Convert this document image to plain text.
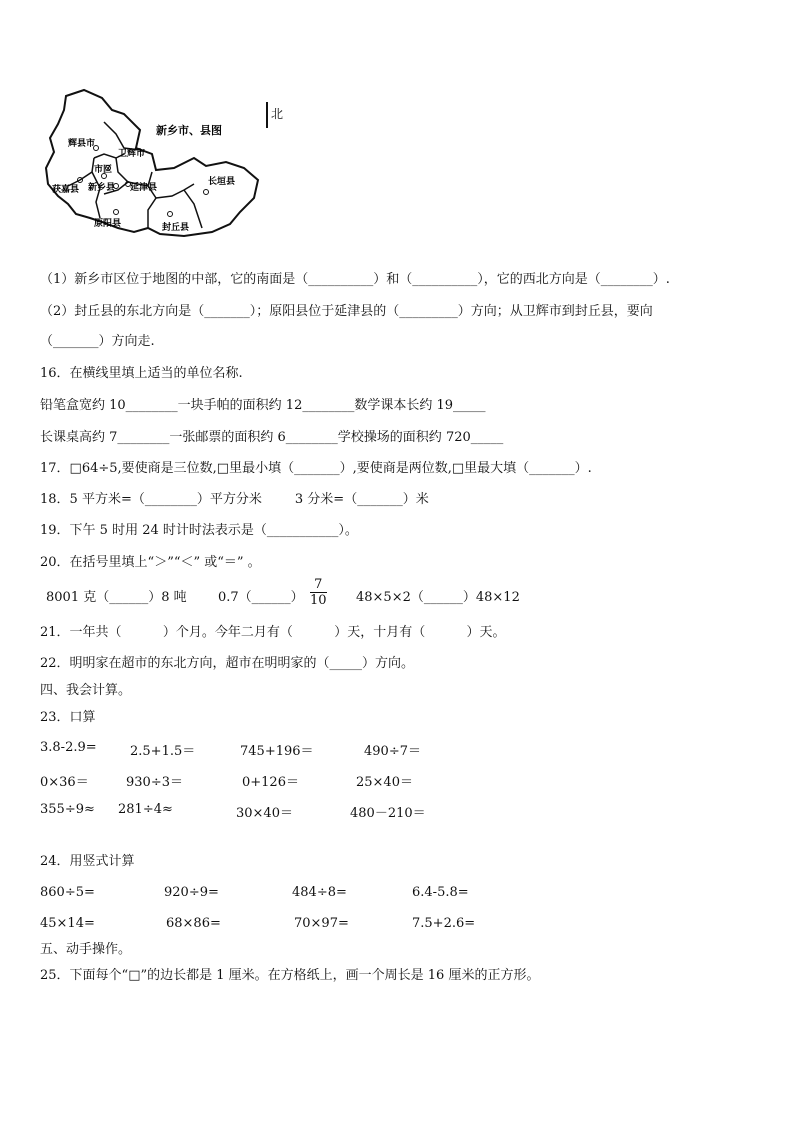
新乡市、县图
辉县市
卫辉市
市区
获嘉县 新乡县 延津县
长垣县
原阳县	封丘县
北
（1）新乡市区位于地图的中部，它的南面是（__________）和（__________），它的西北方向是（________）.
（2）封丘县的东北方向是（_______）；原阳县位于延津县的（_________）方向；从卫辉市到封丘县，要向
（_______）方向走.
16．在横线里填上适当的单位名称.
铅笔盒宽约 10________一块手帕的面积约 12________数学课本长约 19_____
长课桌高约 7________一张邮票的面积约 6________学校操场的面积约 720_____
17．□64÷5,要使商是三位数,□里最小填（_______）,要使商是两位数,□里最大填（_______）.
18．5 平方米=（________）平方分米        3 分米=（_______）米
19．下午 5 时用 24 时计时法表示是（___________）。
20．在括号里填上“＞”“＜” 或“＝” 。
8001 克（______）8 吨 0.7（______） $\frac{7}{10}$ 48×5×2（______）48×12
21．一年共（          ）个月。今年二月有（          ）天，十月有（          ）天。
22．明明家在超市的东北方向，超市在明明家的（_____）方向。
四、我会计算。
23．口算
3.8-2.9=	2.5+1.5＝	745+196＝	490÷7＝
0×36＝	930÷3＝	0+126＝	25×40＝
355÷9≈ 281÷4≈	30×40＝	480－210＝
24．用竖式计算
860÷5=	920÷9=	484÷8=	6.4-5.8=
45×14=	68×86=	70×97=	7.5+2.6=
五、动手操作。
25．下面每个“□”的边长都是 1 厘米。在方格纸上，画一个周长是 16 厘米的正方形。
